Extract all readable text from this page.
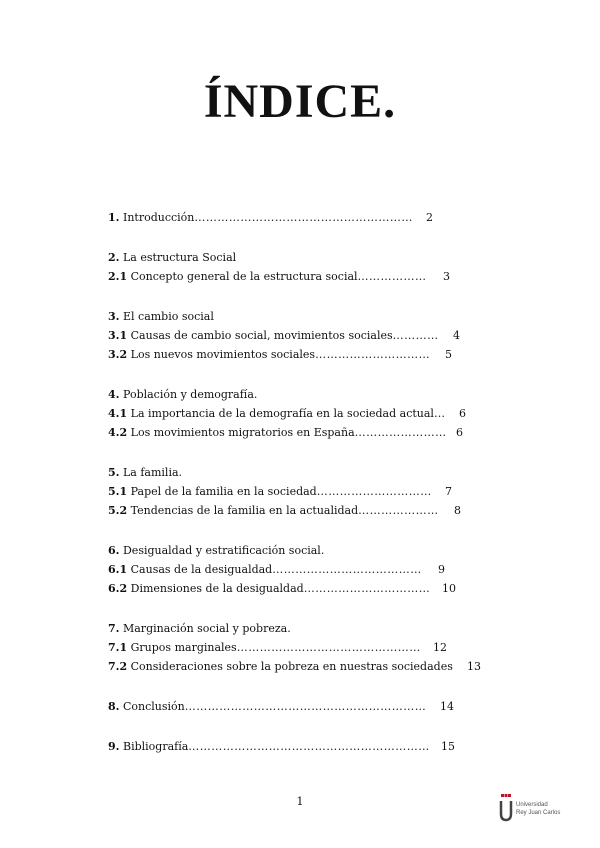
ÍNDICE.
1. Introducción………………………………………………… 2
2. La estructura Social
2.1 Concepto general de la estructura social……………… 3
3. El cambio social
3.1 Causas de cambio social, movimientos sociales………… 4
3.2 Los nuevos movimientos sociales………………………… 5
4. Población y demografía.
4.1 La importancia de la demografía en la sociedad actual… 6
4.2 Los movimientos migratorios en España…………………… 6
5. La familia.
5.1 Papel de la familia en la sociedad………………………… 7
5.2 Tendencias de la familia en la actualidad………………… 8
6. Desigualdad y estratificación social.
6.1 Causas de la desigualdad………………………………… 9
6.2 Dimensiones de la desigualdad…………………………… 10
7. Marginación social y pobreza.
7.1 Grupos marginales………………………………………… 12
7.2 Consideraciones sobre la pobreza en nuestras sociedades 13
8. Conclusión……………………………………………………… 14
9. Bibliografía……………………………………………………… 15
1	Universidad
Rey Juan Carlos
